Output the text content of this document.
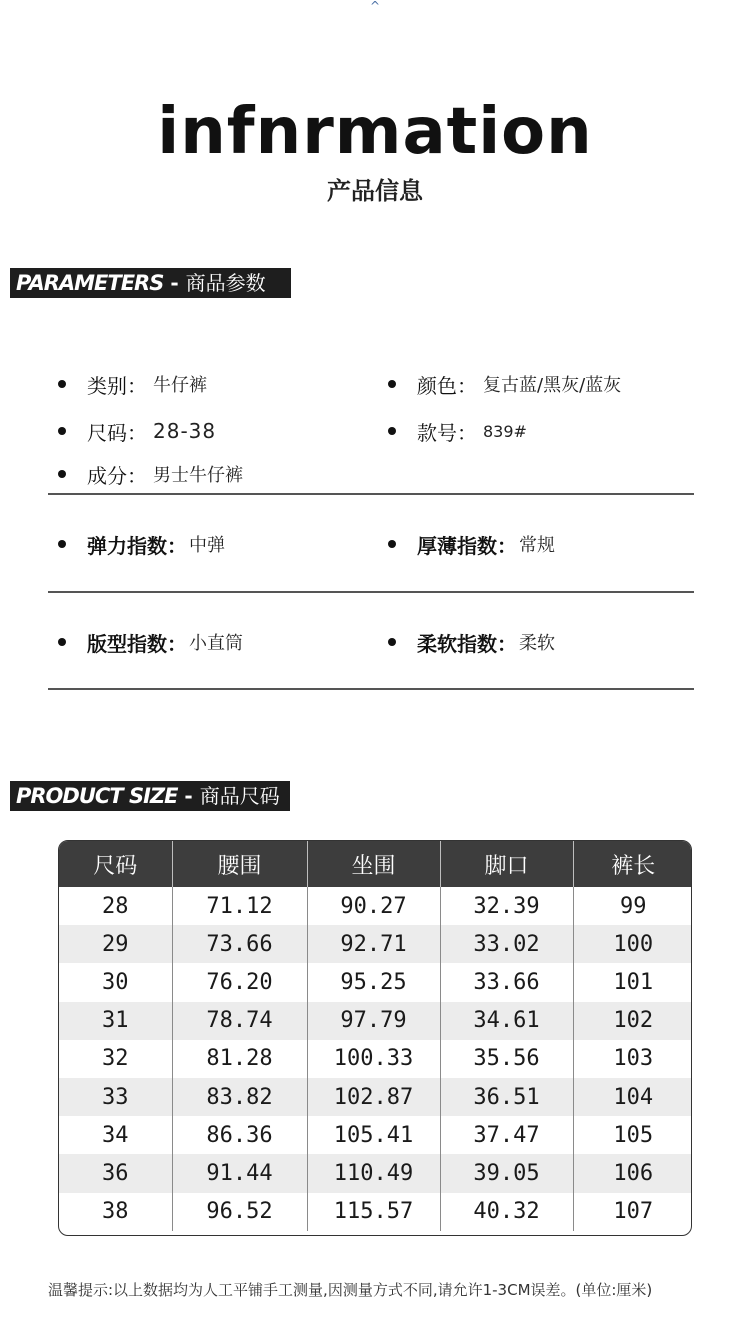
^
infnrmation
产品信息
PARAMETERS - 商品参数
类别： 牛仔裤	颜色： 复古蓝/黑灰/蓝灰
尺码： 28-38	款号： 839#
成分： 男士牛仔裤
弹力指数： 中弹	厚薄指数： 常规
版型指数： 小直筒	柔软指数： 柔软
PRODUCT SIZE - 商品尺码
尺码	腰围	坐围	脚口	裤长
28	71.12	90.27	32.39	99
29	73.66	92.71	33.02	100
30	76.20	95.25	33.66	101
31	78.74	97.79	34.61	102
32	81.28	100.33	35.56	103
33	83.82	102.87	36.51	104
34	86.36	105.41	37.47	105
36	91.44	110.49	39.05	106
38	96.52	115.57	40.32	107
温馨提示:以上数据均为人工平铺手工测量,因测量方式不同,请允许1-3CM误差。(单位:厘米)
